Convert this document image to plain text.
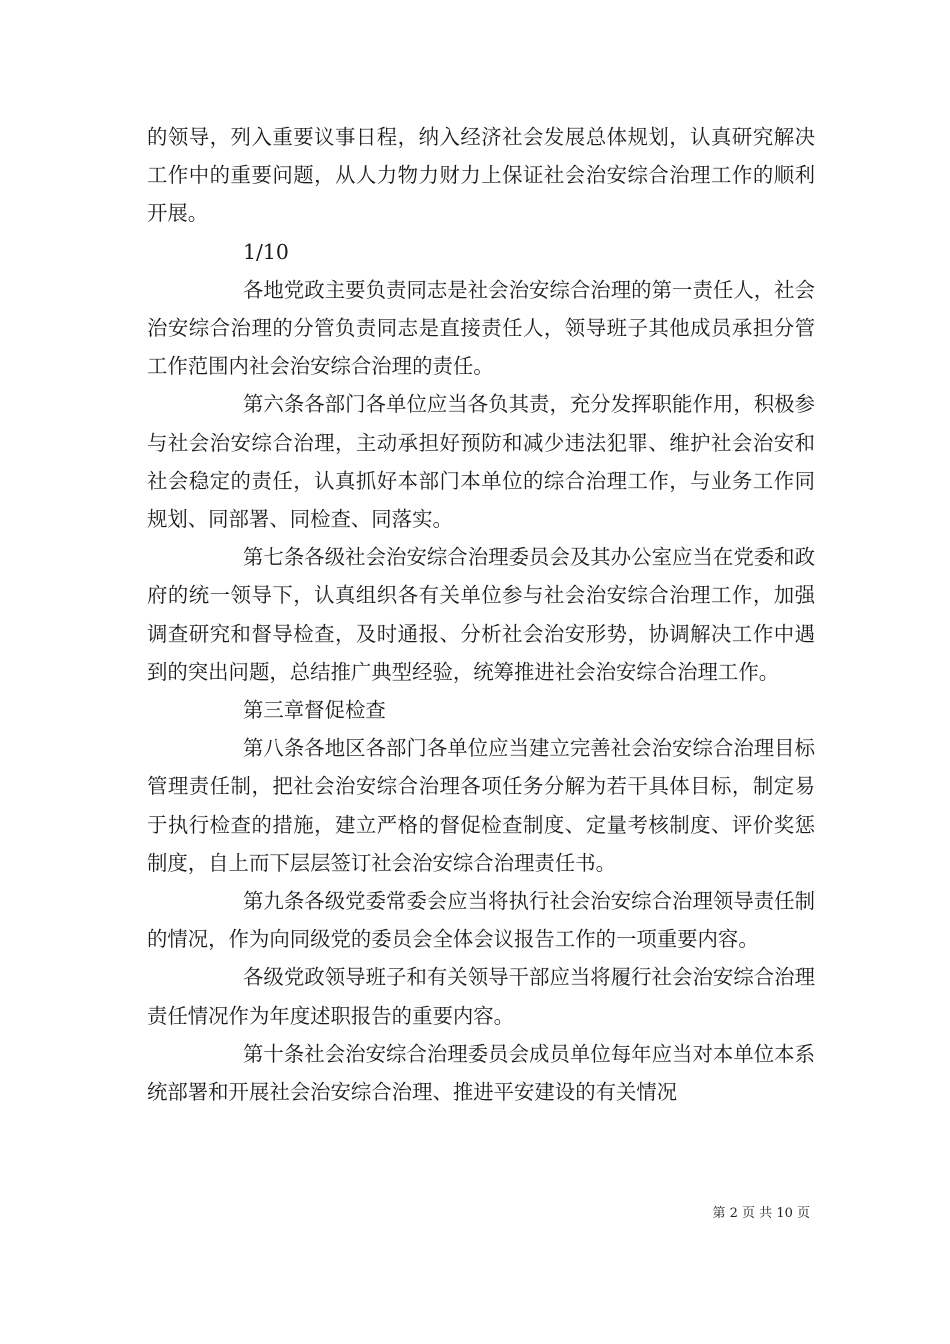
的领导，列入重要议事日程，纳入经济社会发展总体规划，认真研究解决工作中的重要问题，从人力物力财力上保证社会治安综合治理工作的顺利开展。

1/10

各地党政主要负责同志是社会治安综合治理的第一责任人，社会治安综合治理的分管负责同志是直接责任人，领导班子其他成员承担分管工作范围内社会治安综合治理的责任。

第六条各部门各单位应当各负其责，充分发挥职能作用，积极参与社会治安综合治理，主动承担好预防和减少违法犯罪、维护社会治安和社会稳定的责任，认真抓好本部门本单位的综合治理工作，与业务工作同规划、同部署、同检查、同落实。

第七条各级社会治安综合治理委员会及其办公室应当在党委和政府的统一领导下，认真组织各有关单位参与社会治安综合治理工作，加强调查研究和督导检查，及时通报、分析社会治安形势，协调解决工作中遇到的突出问题，总结推广典型经验，统筹推进社会治安综合治理工作。

第三章督促检查

第八条各地区各部门各单位应当建立完善社会治安综合治理目标管理责任制，把社会治安综合治理各项任务分解为若干具体目标，制定易于执行检查的措施，建立严格的督促检查制度、定量考核制度、评价奖惩制度，自上而下层层签订社会治安综合治理责任书。

第九条各级党委常委会应当将执行社会治安综合治理领导责任制的情况，作为向同级党的委员会全体会议报告工作的一项重要内容。

各级党政领导班子和有关领导干部应当将履行社会治安综合治理责任情况作为年度述职报告的重要内容。

第十条社会治安综合治理委员会成员单位每年应当对本单位本系统部署和开展社会治安综合治理、推进平安建设的有关情况

第 2 页 共 10 页
